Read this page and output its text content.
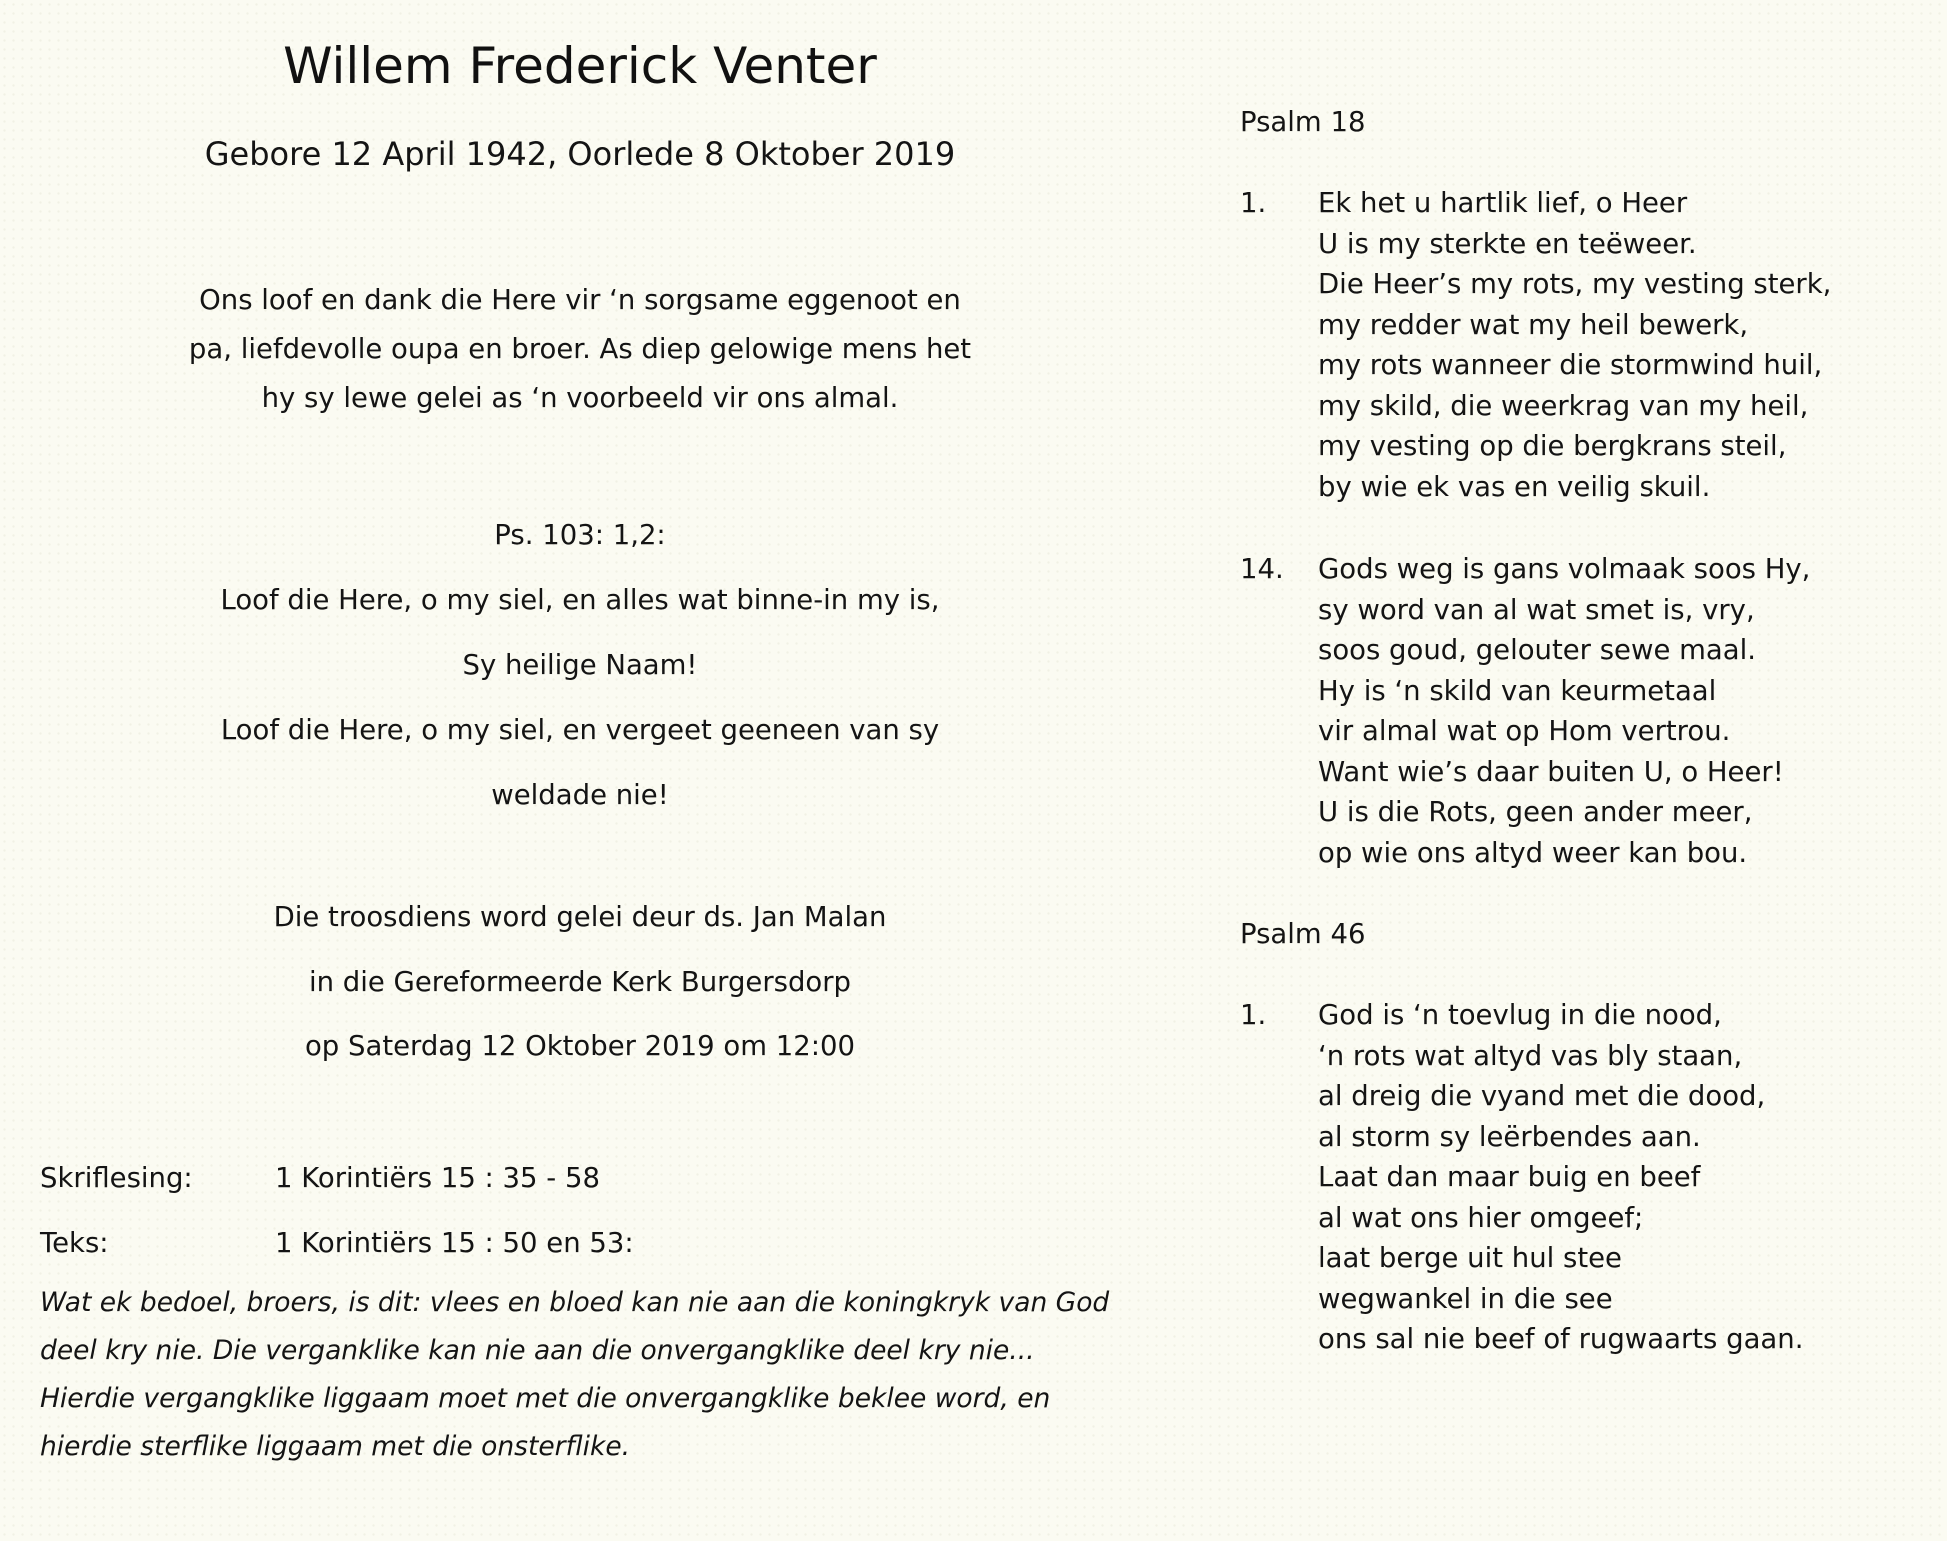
Willem Frederick Venter
Gebore 12 April 1942, Oorlede 8 Oktober 2019
Ons loof en dank die Here vir ‘n sorgsame eggenoot en
pa, liefdevolle oupa en broer. As diep gelowige mens het
hy sy lewe gelei as ‘n voorbeeld vir ons almal.
Ps. 103: 1,2:
Loof die Here, o my siel, en alles wat binne-in my is,
Sy heilige Naam!
Loof die Here, o my siel, en vergeet geeneen van sy
weldade nie!
Die troosdiens word gelei deur ds. Jan Malan
in die Gereformeerde Kerk Burgersdorp
op Saterdag 12 Oktober 2019 om 12:00
Skriflesing:	1 Korintiërs 15 : 35 - 58
Teks:	1 Korintiërs 15 : 50 en 53:
Wat ek bedoel, broers, is dit: vlees en bloed kan nie aan die koningkryk van God
deel kry nie. Die verganklike kan nie aan die onvergangklike deel kry nie...
Hierdie vergangklike liggaam moet met die onvergangklike beklee word, en
hierdie sterflike liggaam met die onsterflike.
Psalm 18
1. Ek het u hartlik lief, o Heer
U is my sterkte en teëweer.
Die Heer’s my rots, my vesting sterk,
my redder wat my heil bewerk,
my rots wanneer die stormwind huil,
my skild, die weerkrag van my heil,
my vesting op die bergkrans steil,
by wie ek vas en veilig skuil.
14. Gods weg is gans volmaak soos Hy,
sy word van al wat smet is, vry,
soos goud, gelouter sewe maal.
Hy is ‘n skild van keurmetaal
vir almal wat op Hom vertrou.
Want wie’s daar buiten U, o Heer!
U is die Rots, geen ander meer,
op wie ons altyd weer kan bou.
Psalm 46
1. God is ‘n toevlug in die nood,
‘n rots wat altyd vas bly staan,
al dreig die vyand met die dood,
al storm sy leërbendes aan.
Laat dan maar buig en beef
al wat ons hier omgeef;
laat berge uit hul stee
wegwankel in die see
ons sal nie beef of rugwaarts gaan.
